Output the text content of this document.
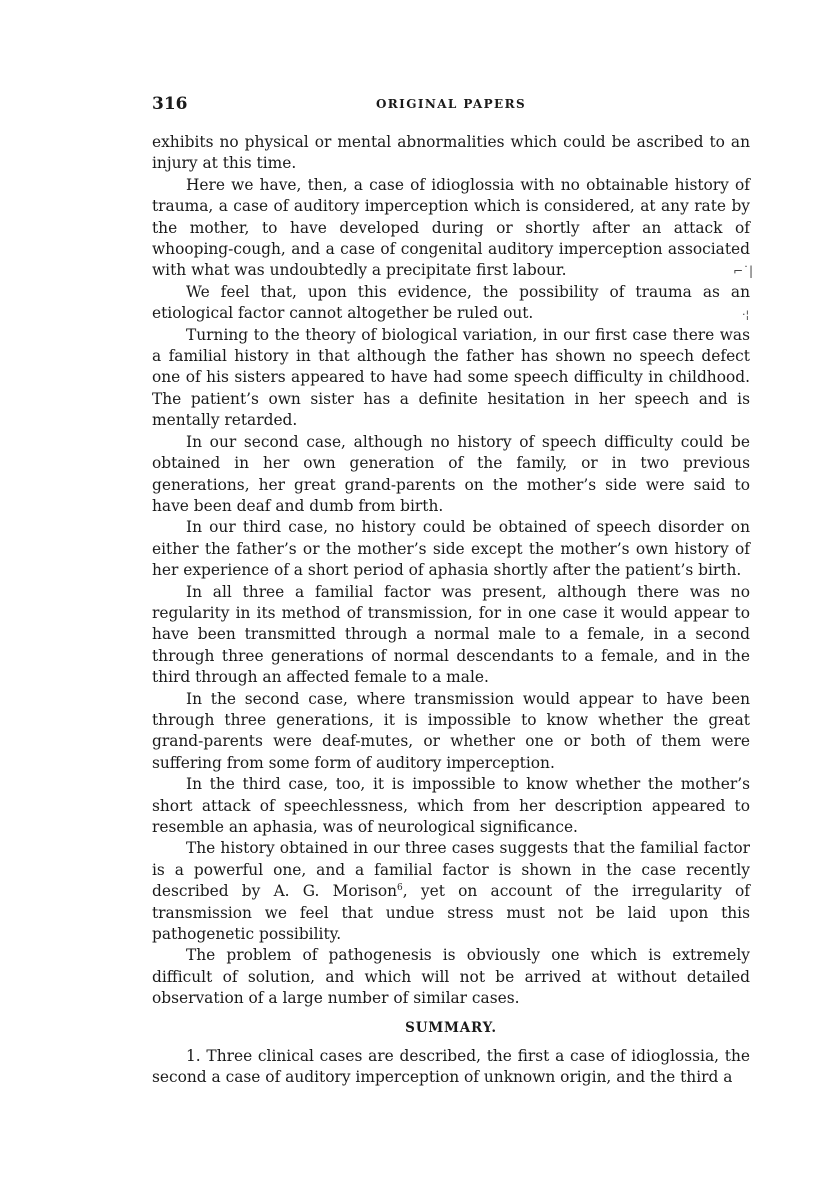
316	ORIGINAL PAPERS

exhibits no physical or mental abnormalities which could be ascribed to an injury at this time.

Here we have, then, a case of idioglossia with no obtainable history of trauma, a case of auditory imperception which is considered, at any rate by the mother, to have developed during or shortly after an attack of whooping-cough, and a case of congenital auditory imperception associated with what was undoubtedly a precipitate first labour.

We feel that, upon this evidence, the possibility of trauma as an etiological factor cannot altogether be ruled out.

Turning to the theory of biological variation, in our first case there was a familial history in that although the father has shown no speech defect one of his sisters appeared to have had some speech difficulty in childhood. The patient’s own sister has a definite hesitation in her speech and is mentally retarded.

In our second case, although no history of speech difficulty could be obtained in her own generation of the family, or in two previous generations, her great grand-parents on the mother’s side were said to have been deaf and dumb from birth.

In our third case, no history could be obtained of speech disorder on either the father’s or the mother’s side except the mother’s own history of her experience of a short period of aphasia shortly after the patient’s birth.

In all three a familial factor was present, although there was no regularity in its method of transmission, for in one case it would appear to have been transmitted through a normal male to a female, in a second through three generations of normal descendants to a female, and in the third through an affected female to a male.

In the second case, where transmission would appear to have been through three generations, it is impossible to know whether the great grand-parents were deaf-mutes, or whether one or both of them were suffering from some form of auditory imperception.

In the third case, too, it is impossible to know whether the mother’s short attack of speechlessness, which from her description appeared to resemble an aphasia, was of neurological significance.

The history obtained in our three cases suggests that the familial factor is a powerful one, and a familial factor is shown in the case recently described by A. G. Morison$^6$, yet on account of the irregularity of transmission we feel that undue stress must not be laid upon this pathogenetic possibility.

The problem of pathogenesis is obviously one which is extremely difficult of solution, and which will not be arrived at without detailed observation of a large number of similar cases.

SUMMARY.

1. Three clinical cases are described, the first a case of idioglossia, the second a case of auditory imperception of unknown origin, and the third a

⌐˙|
·¦
